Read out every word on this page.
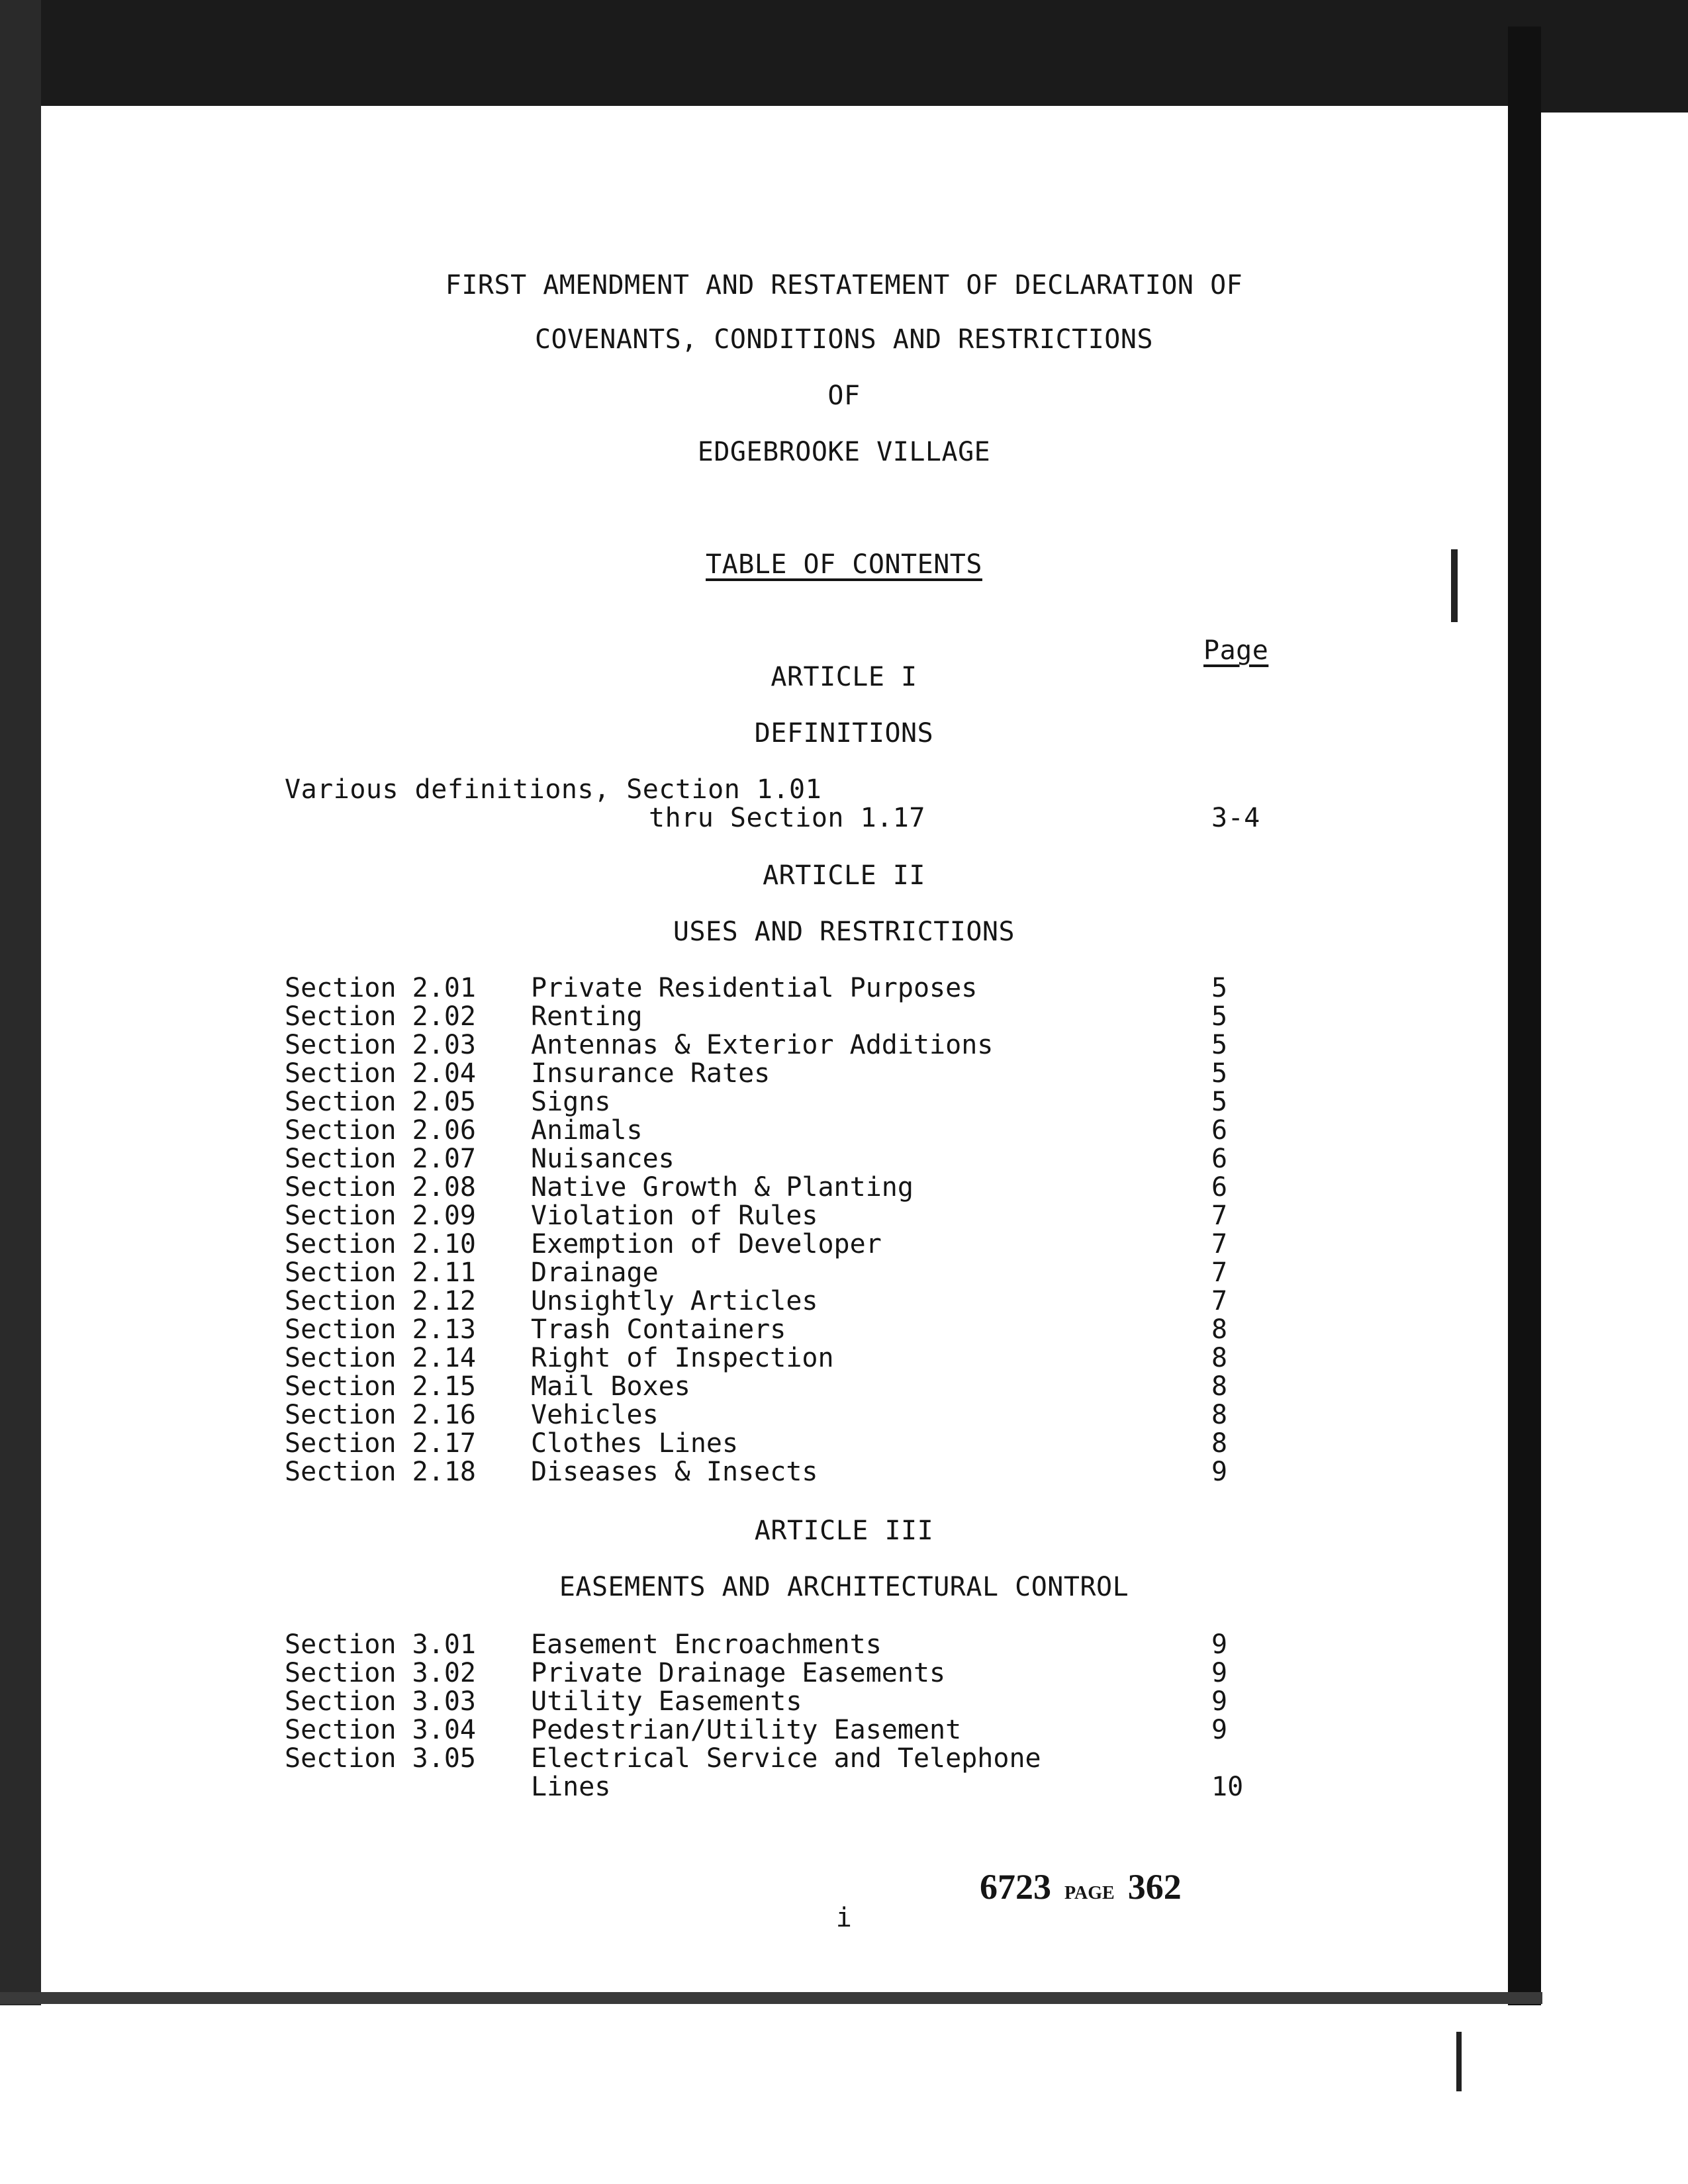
FIRST AMENDMENT AND RESTATEMENT OF DECLARATION OF
COVENANTS, CONDITIONS AND RESTRICTIONS
OF
EDGEBROOKE VILLAGE
TABLE OF CONTENTS
Page
ARTICLE I
DEFINITIONS
Various definitions, Section 1.01
thru Section 1.17	3-4
ARTICLE II
USES AND RESTRICTIONS
Section 2.01 Private Residential Purposes	5
Section 2.02 Renting	5
Section 2.03 Antennas & Exterior Additions	5
Section 2.04 Insurance Rates	5
Section 2.05 Signs	5
Section 2.06 Animals	6
Section 2.07 Nuisances	6
Section 2.08 Native Growth & Planting	6
Section 2.09 Violation of Rules	7
Section 2.10 Exemption of Developer	7
Section 2.11 Drainage	7
Section 2.12 Unsightly Articles	7
Section 2.13 Trash Containers	8
Section 2.14 Right of Inspection	8
Section 2.15 Mail Boxes	8
Section 2.16 Vehicles	8
Section 2.17 Clothes Lines	8
Section 2.18 Diseases & Insects	9
ARTICLE III
EASEMENTS AND ARCHITECTURAL CONTROL
Section 3.01 Easement Encroachments	9
Section 3.02 Private Drainage Easements	9
Section 3.03 Utility Easements	9
Section 3.04 Pedestrian/Utility Easement	9
Section 3.05 Electrical Service and Telephone
Lines	10
i
6723 PAGE 362
